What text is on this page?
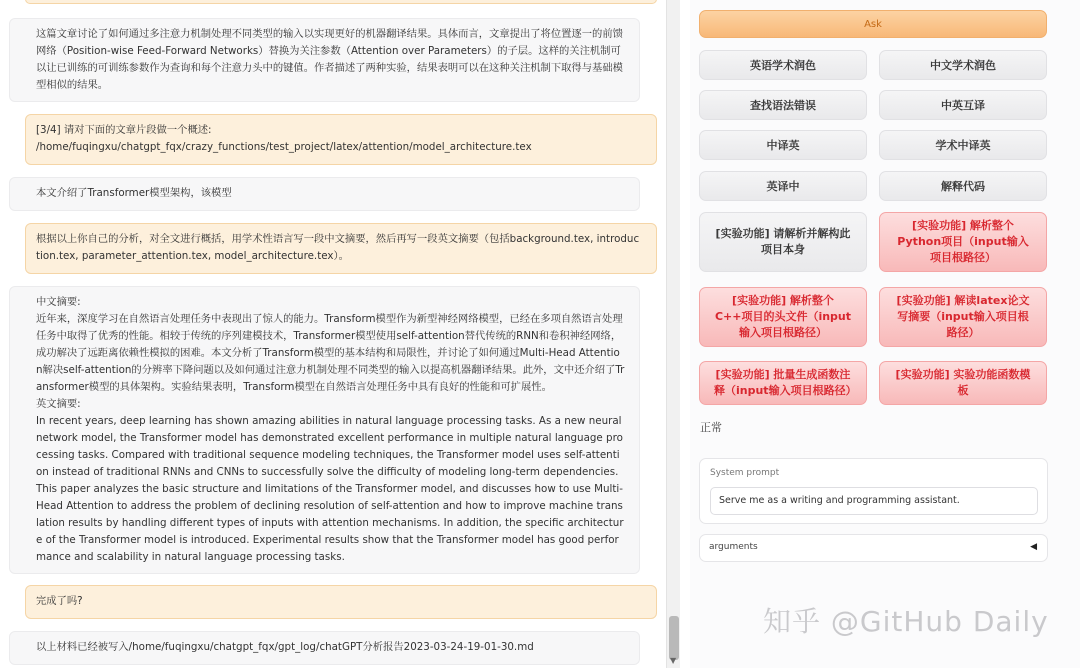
这篇文章讨论了如何通过多注意力机制处理不同类型的输入以实现更好的机器翻译结果。具体而言，文章提出了将位置逐一的前馈网络（Position-wise Feed-Forward Networks）替换为关注参数（Attention over Parameters）的子层。这样的关注机制可以让已训练的可训练参数作为查询和每个注意力头中的键值。作者描述了两种实验，结果表明可以在这种关注机制下取得与基础模型相似的结果。

[3/4] 请对下面的文章片段做一个概述:

/home/fuqingxu/chatgpt_fqx/crazy_functions/test_project/latex/attention/model_architecture.tex

本文介绍了Transformer模型架构，该模型

根据以上你自己的分析，对全文进行概括，用学术性语言写一段中文摘要，然后再写一段英文摘要（包括background.tex, introduction.tex, parameter_attention.tex, model_architecture.tex）。

中文摘要:

近年来，深度学习在自然语言处理任务中表现出了惊人的能力。Transform模型作为新型神经网络模型，已经在多项自然语言处理任务中取得了优秀的性能。相较于传统的序列建模技术，Transformer模型使用self-attention替代传统的RNN和卷积神经网络，成功解决了远距离依赖性模拟的困难。本文分析了Transform模型的基本结构和局限性，并讨论了如何通过Multi-Head Attention解决self-attention的分辨率下降问题以及如何通过注意力机制处理不同类型的输入以提高机器翻译结果。此外，文中还介绍了Transformer模型的具体架构。实验结果表明，Transform模型在自然语言处理任务中具有良好的性能和可扩展性。

英文摘要:

In recent years, deep learning has shown amazing abilities in natural language processing tasks. As a new neural network model, the Transformer model has demonstrated excellent performance in multiple natural language processing tasks. Compared with traditional sequence modeling techniques, the Transformer model uses self-attention instead of traditional RNNs and CNNs to successfully solve the difficulty of modeling long-term dependencies. This paper analyzes the basic structure and limitations of the Transformer model, and discusses how to use Multi-Head Attention to address the problem of declining resolution of self-attention and how to improve machine translation results by handling different types of inputs with attention mechanisms. In addition, the specific architecture of the Transformer model is introduced. Experimental results show that the Transformer model has good performance and scalability in natural language processing tasks.

完成了吗?

以上材料已经被写入/home/fuqingxu/chatgpt_fqx/gpt_log/chatGPT分析报告2023-03-24-19-01-30.md

▼
Ask
英语学术润色	中文学术润色
查找语法错误	中英互译
中译英	学术中译英
英译中	解释代码
[实验功能] 请解析并解构此项目本身
[实验功能] 解析整个Python项目（input输入项目根路径）
[实验功能] 解析整个C++项目的头文件（input输入项目根路径）
[实验功能] 解读latex论文写摘要（input输入项目根路径）
[实验功能] 批量生成函数注释（input输入项目根路径）
[实验功能] 实验功能函数模板
正常
System prompt
Serve me as a writing and programming assistant.
arguments	◀
知乎 @GitHub Daily
